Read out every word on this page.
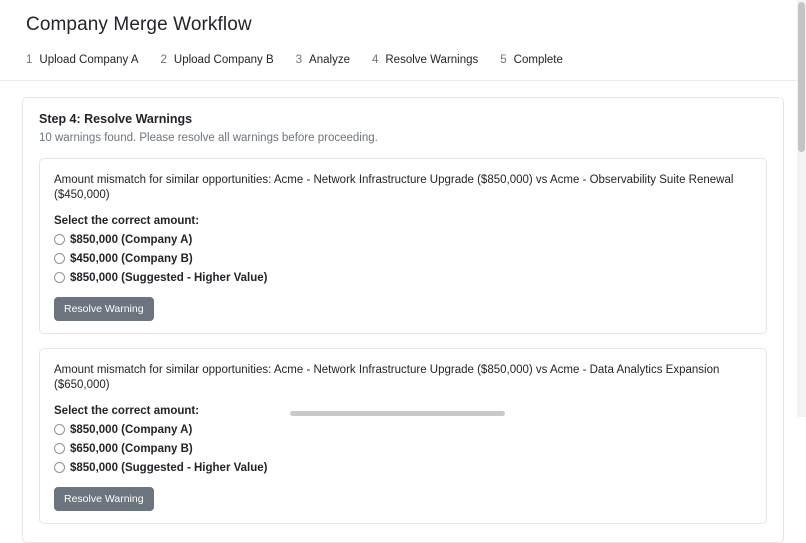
Company Merge Workflow
1 Upload Company A 2 Upload Company B 3 Analyze 4 Resolve Warnings 5 Complete
Step 4: Resolve Warnings
10 warnings found. Please resolve all warnings before proceeding.
Amount mismatch for similar opportunities: Acme - Network Infrastructure Upgrade ($850,000) vs Acme - Observability Suite Renewal ($450,000)
Select the correct amount:
$850,000 (Company A)
$450,000 (Company B)
$850,000 (Suggested - Higher Value)
Resolve Warning
Amount mismatch for similar opportunities: Acme - Network Infrastructure Upgrade ($850,000) vs Acme - Data Analytics Expansion ($650,000)
Select the correct amount:
$850,000 (Company A)
$650,000 (Company B)
$850,000 (Suggested - Higher Value)
Resolve Warning
